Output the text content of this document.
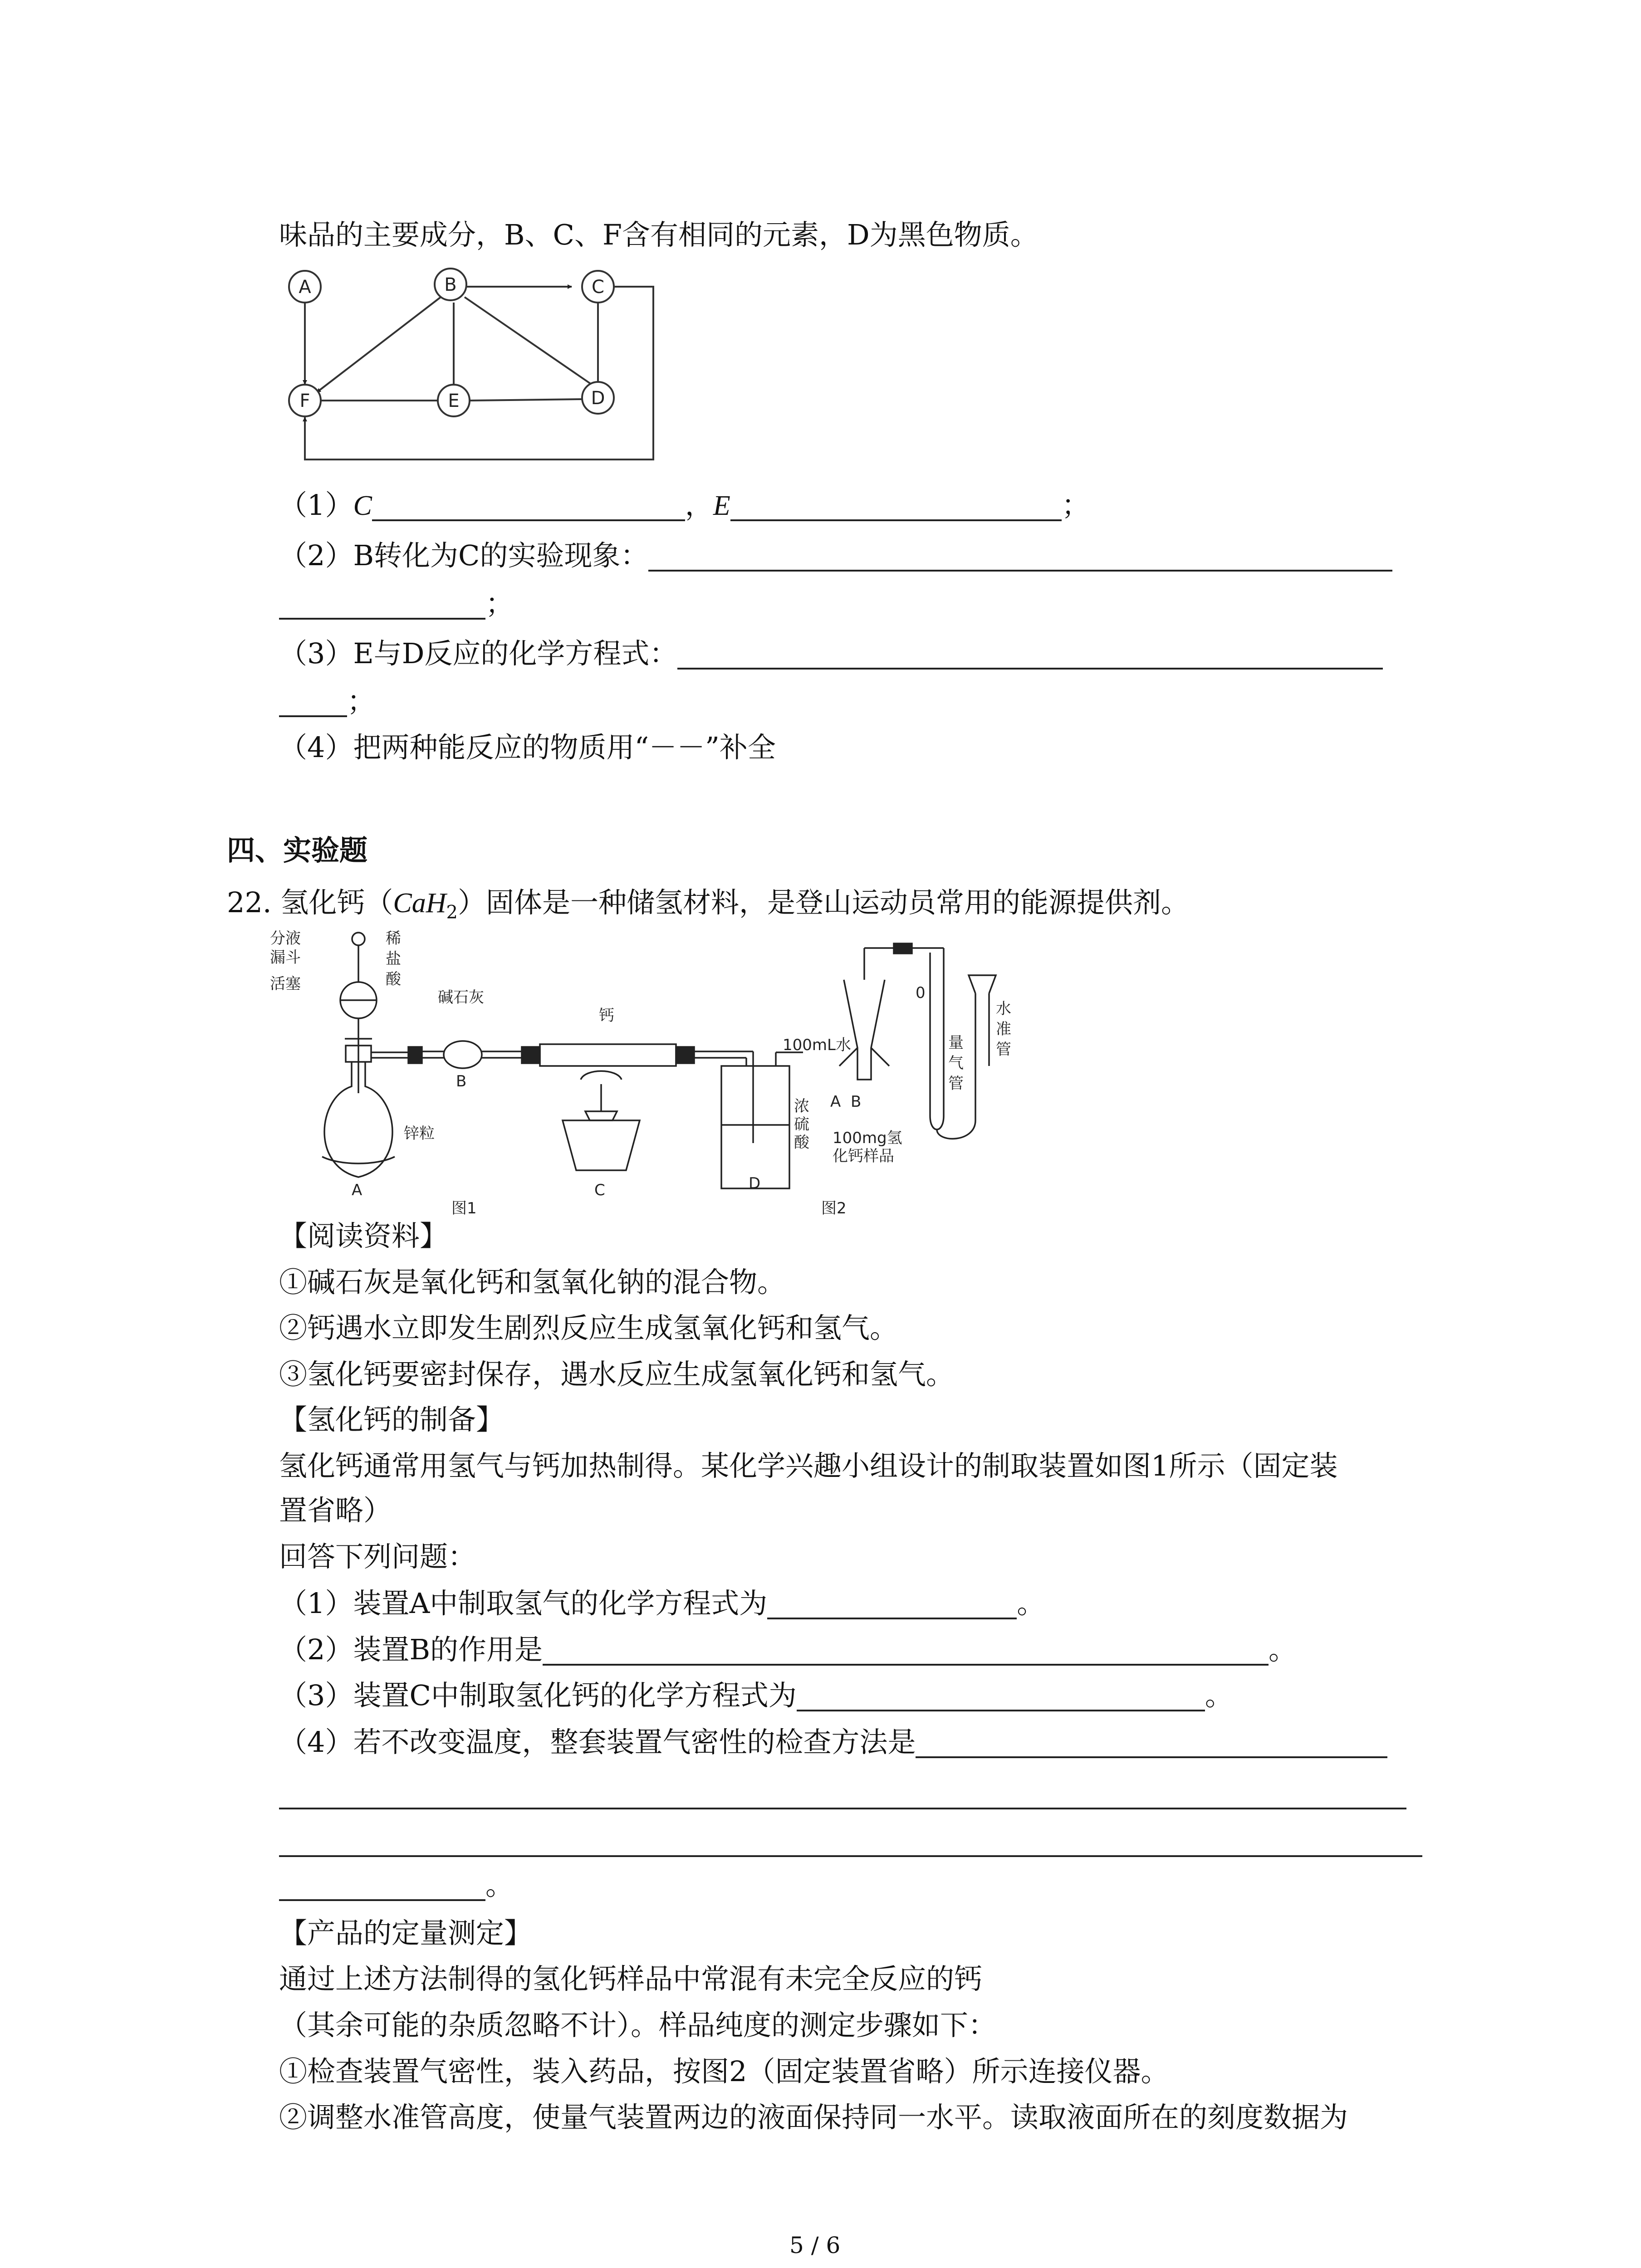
味品的主要成分，B、C、F含有相同的元素，D为黑色物质。
A	B	C
D
E
F
（1）C	，E	；
（2）B转化为C的实验现象：
；
（3）E与D反应的化学方程式：
；
（4）把两种能反应的物质用“－－”补全
四、实验题
22. 氢化钙（CaH$_2$）固体是一种储氢材料，是登山运动员常用的能源提供剂。
分液
漏斗
活塞
稀
盐
酸
碱石灰
钙
锌粒
浓
硫
酸
A
B
C	D
图1
100mL水
A B
100mg氢
化钙样品
0
量
气
管
水
准
管
图2
【阅读资料】
①碱石灰是氧化钙和氢氧化钠的混合物。
②钙遇水立即发生剧烈反应生成氢氧化钙和氢气。
③氢化钙要密封保存，遇水反应生成氢氧化钙和氢气。
【氢化钙的制备】
氢化钙通常用氢气与钙加热制得。某化学兴趣小组设计的制取装置如图1所示（固定装
置省略）
回答下列问题：
（1）装置A中制取氢气的化学方程式为	。
（2）装置B的作用是	。
（3）装置C中制取氢化钙的化学方程式为	。
（4）若不改变温度，整套装置气密性的检查方法是
。
【产品的定量测定】
通过上述方法制得的氢化钙样品中常混有未完全反应的钙
（其余可能的杂质忽略不计）。样品纯度的测定步骤如下：
①检查装置气密性，装入药品，按图2（固定装置省略）所示连接仪器。
②调整水准管高度，使量气装置两边的液面保持同一水平。读取液面所在的刻度数据为
5 / 6
